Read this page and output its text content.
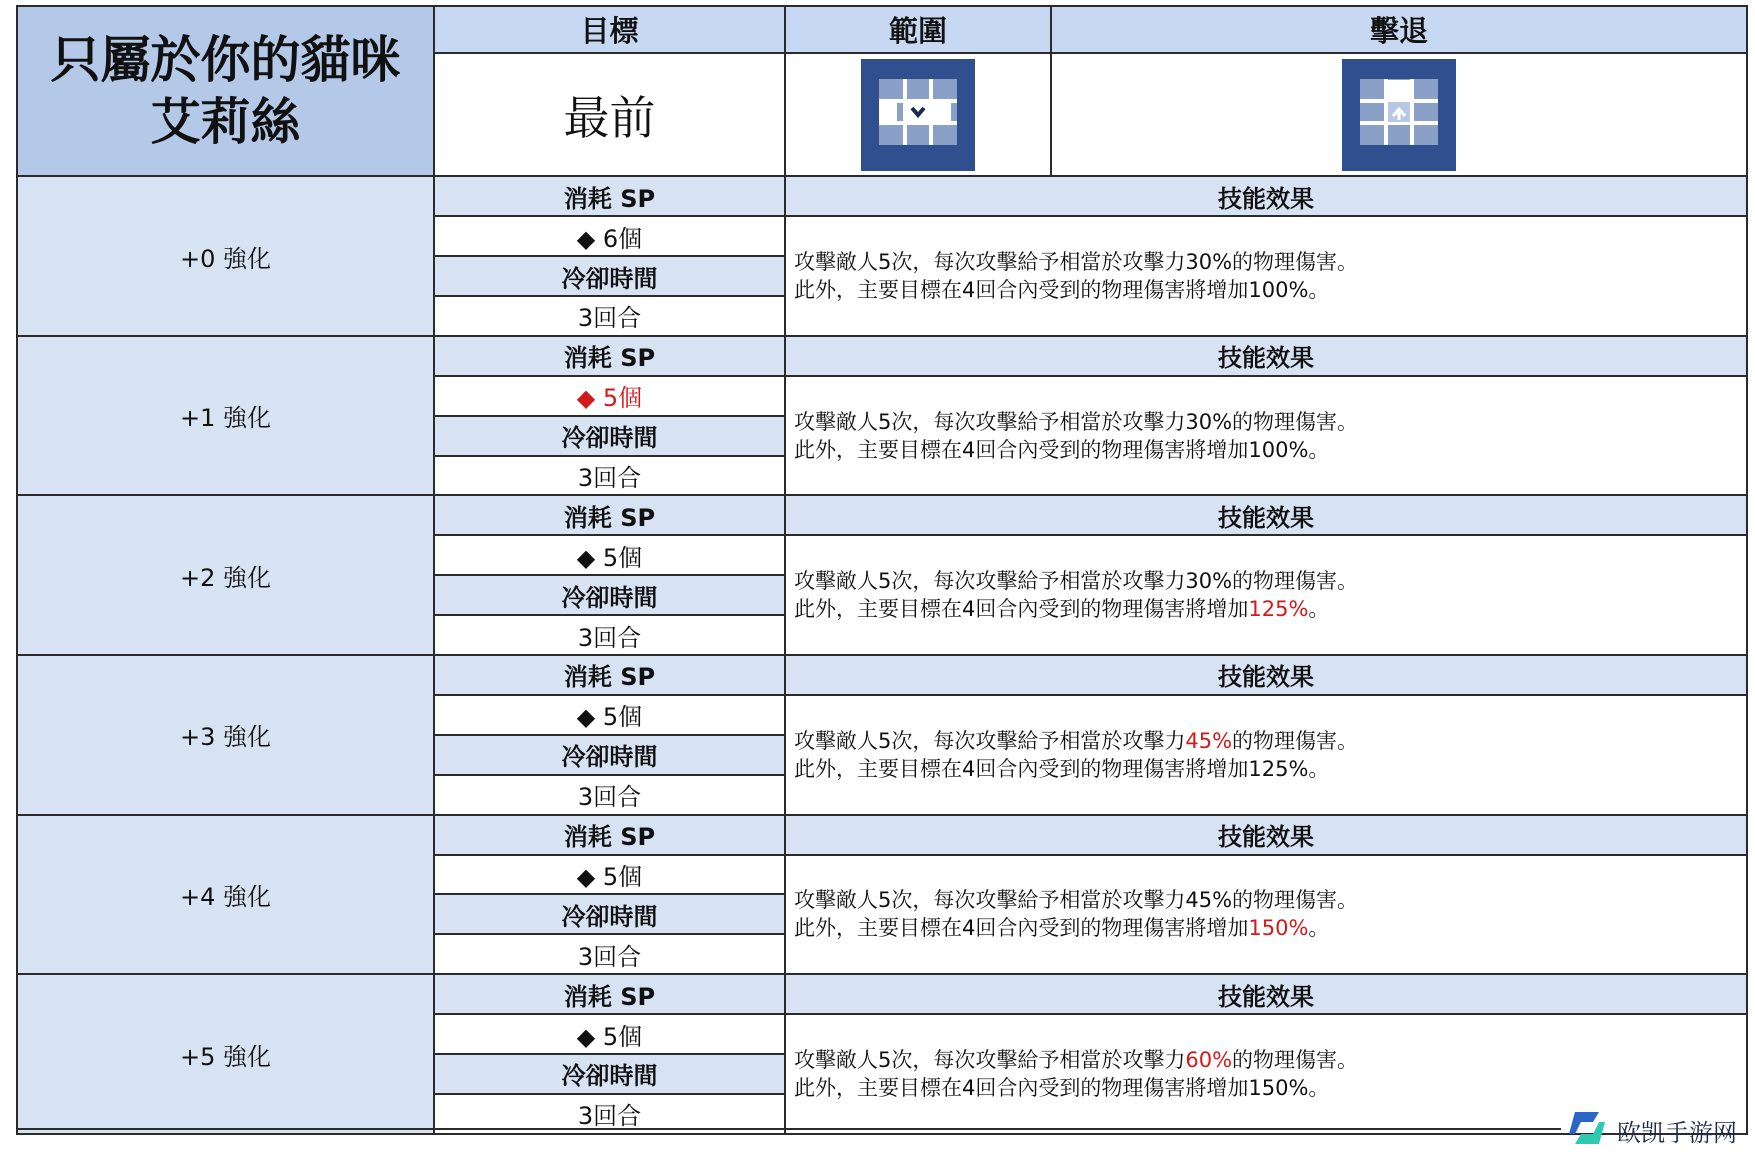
只屬於你的貓咪
艾莉絲	目標	範圍	擊退
	最前	

+0 強化	消耗 SP	技能效果	
	◆ 6個	攻擊敵人5次，每次攻擊給予相當於攻擊力30%的物理傷害。
此外，主要目標在4回合內受到的物理傷害將增加100%。	

	冷卻時間		
	3回合		
+1 強化	消耗 SP	技能效果	
	◆ 5個	攻擊敵人5次，每次攻擊給予相當於攻擊力30%的物理傷害。
此外，主要目標在4回合內受到的物理傷害將增加100%。	

	冷卻時間		
	3回合		
+2 強化	消耗 SP	技能效果	
	◆ 5個	攻擊敵人5次，每次攻擊給予相當於攻擊力30%的物理傷害。
此外，主要目標在4回合內受到的物理傷害將增加125%。	

	冷卻時間		
	3回合		
+3 強化	消耗 SP	技能效果	
	◆ 5個	攻擊敵人5次，每次攻擊給予相當於攻擊力45%的物理傷害。
此外，主要目標在4回合內受到的物理傷害將增加125%。	

	冷卻時間		
	3回合		
+4 強化	消耗 SP	技能效果	
	◆ 5個	攻擊敵人5次，每次攻擊給予相當於攻擊力45%的物理傷害。
此外，主要目標在4回合內受到的物理傷害將增加150%。	

	冷卻時間		
	3回合		
+5 強化	消耗 SP	技能效果	
	◆ 5個	攻擊敵人5次，每次攻擊給予相當於攻擊力60%的物理傷害。
此外，主要目標在4回合內受到的物理傷害將增加150%。	

	冷卻時間		
	3回合		
欧凯手游网
